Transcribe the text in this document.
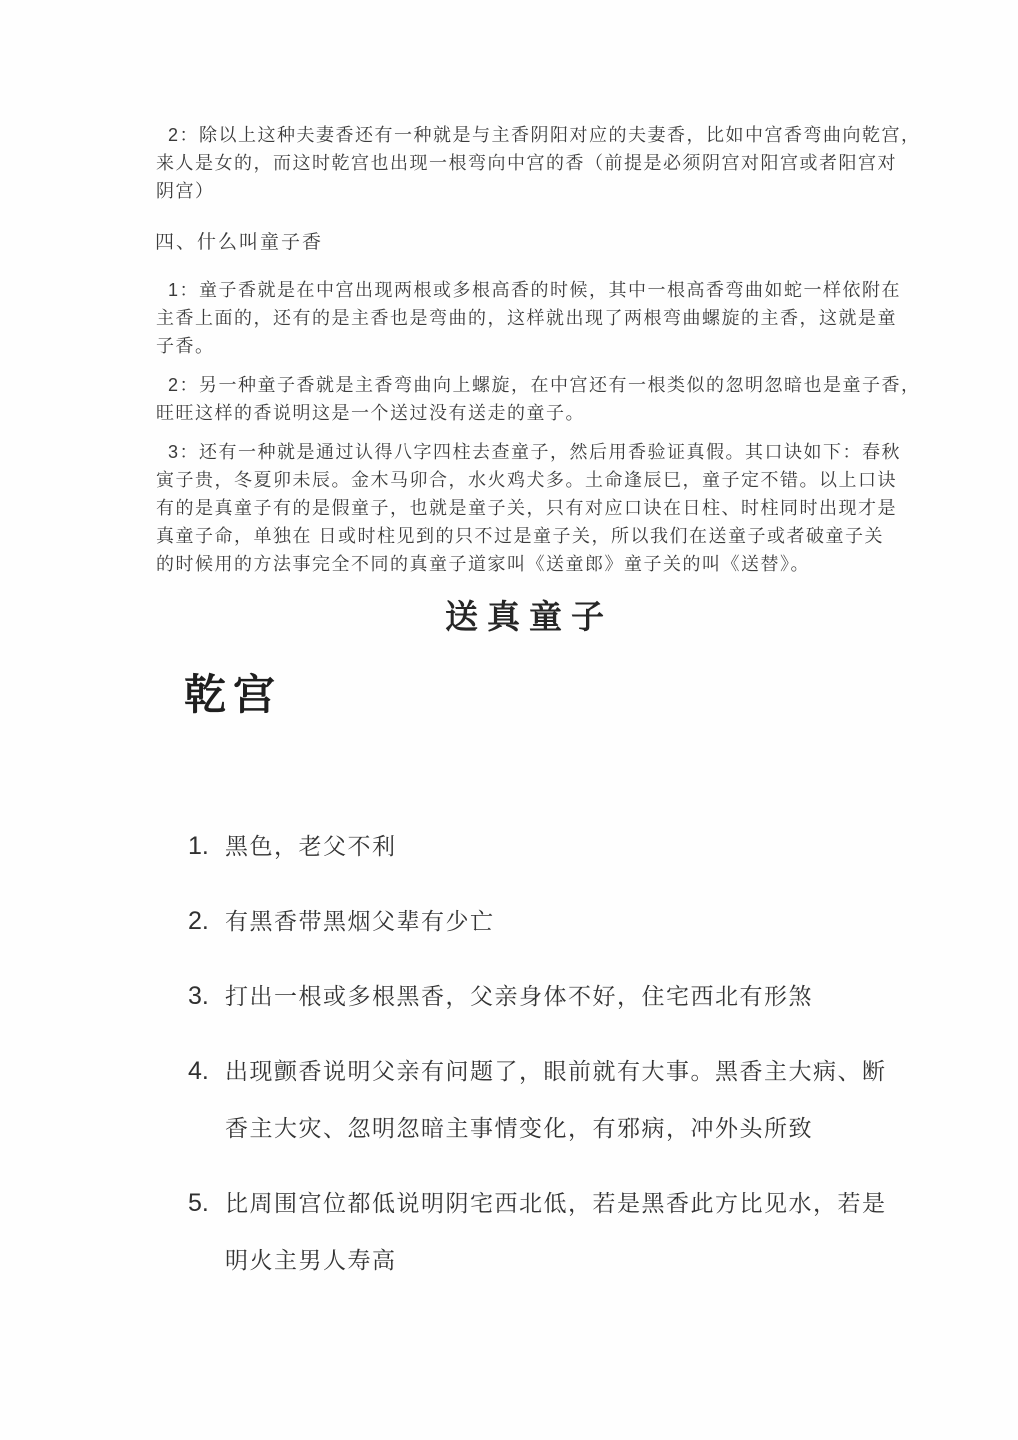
2：除以上这种夫妻香还有一种就是与主香阴阳对应的夫妻香，比如中宫香弯曲向乾宫，
来人是女的，而这时乾宫也出现一根弯向中宫的香（前提是必须阴宫对阳宫或者阳宫对
阴宫）
四、什么叫童子香
1：童子香就是在中宫出现两根或多根高香的时候，其中一根高香弯曲如蛇一样依附在
主香上面的，还有的是主香也是弯曲的，这样就出现了两根弯曲螺旋的主香，这就是童
子香。
2：另一种童子香就是主香弯曲向上螺旋，在中宫还有一根类似的忽明忽暗也是童子香，
旺旺这样的香说明这是一个送过没有送走的童子。
3：还有一种就是通过认得八字四柱去查童子，然后用香验证真假。其口诀如下：春秋
寅子贵，冬夏卯未辰。金木马卯合，水火鸡犬多。土命逢辰巳，童子定不错。以上口诀
有的是真童子有的是假童子，也就是童子关，只有对应口诀在日柱、时柱同时出现才是
真童子命，单独在 日或时柱见到的只不过是童子关，所以我们在送童子或者破童子关
的时候用的方法事完全不同的真童子道家叫《送童郎》童子关的叫《送替》。
送真童子
乾宫
1. 黑色，老父不利
2. 有黑香带黑烟父辈有少亡
3. 打出一根或多根黑香，父亲身体不好，住宅西北有形煞
4. 出现颤香说明父亲有问题了，眼前就有大事。黑香主大病、断
香主大灾、忽明忽暗主事情变化，有邪病，冲外头所致
5. 比周围宫位都低说明阴宅西北低，若是黑香此方比见水，若是
明火主男人寿高
